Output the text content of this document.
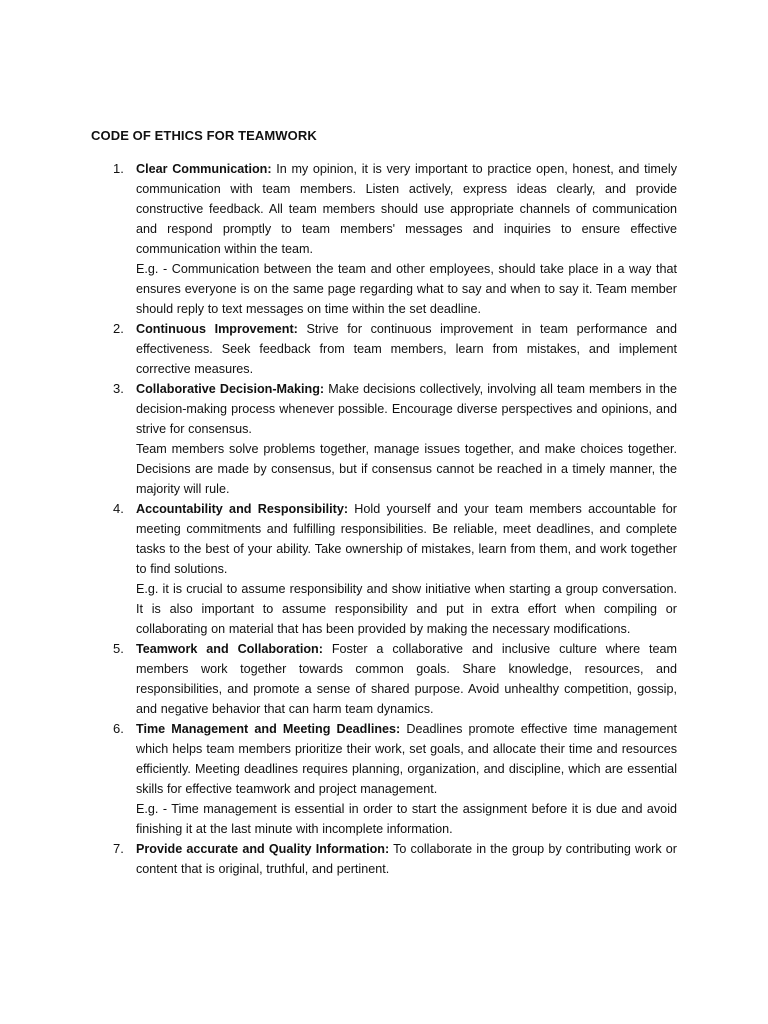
CODE OF ETHICS FOR TEAMWORK
1. Clear Communication: In my opinion, it is very important to practice open, honest, and timely communication with team members. Listen actively, express ideas clearly, and provide constructive feedback. All team members should use appropriate channels of communication and respond promptly to team members' messages and inquiries to ensure effective communication within the team.

E.g. - Communication between the team and other employees, should take place in a way that ensures everyone is on the same page regarding what to say and when to say it. Team member should reply to text messages on time within the set deadline.

2. Continuous Improvement: Strive for continuous improvement in team performance and effectiveness. Seek feedback from team members, learn from mistakes, and implement corrective measures.

3. Collaborative Decision-Making: Make decisions collectively, involving all team members in the decision-making process whenever possible. Encourage diverse perspectives and opinions, and strive for consensus.

Team members solve problems together, manage issues together, and make choices together. Decisions are made by consensus, but if consensus cannot be reached in a timely manner, the majority will rule.

4. Accountability and Responsibility: Hold yourself and your team members accountable for meeting commitments and fulfilling responsibilities. Be reliable, meet deadlines, and complete tasks to the best of your ability. Take ownership of mistakes, learn from them, and work together to find solutions.

E.g. it is crucial to assume responsibility and show initiative when starting a group conversation. It is also important to assume responsibility and put in extra effort when compiling or collaborating on material that has been provided by making the necessary modifications.

5. Teamwork and Collaboration: Foster a collaborative and inclusive culture where team members work together towards common goals. Share knowledge, resources, and responsibilities, and promote a sense of shared purpose. Avoid unhealthy competition, gossip, and negative behavior that can harm team dynamics.

6. Time Management and Meeting Deadlines: Deadlines promote effective time management which helps team members prioritize their work, set goals, and allocate their time and resources efficiently. Meeting deadlines requires planning, organization, and discipline, which are essential skills for effective teamwork and project management.

E.g. - Time management is essential in order to start the assignment before it is due and avoid finishing it at the last minute with incomplete information.

7. Provide accurate and Quality Information: To collaborate in the group by contributing work or content that is original, truthful, and pertinent.
